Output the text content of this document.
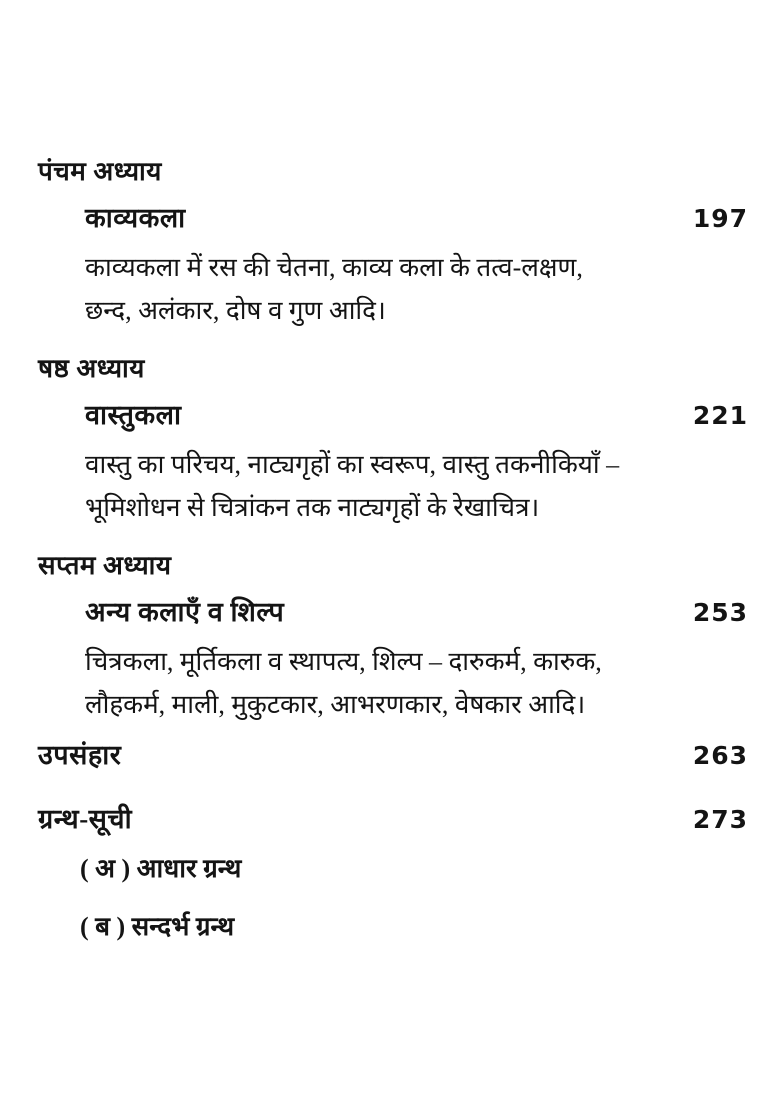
पंचम अध्याय
काव्यकला	197
काव्यकला में रस की चेतना, काव्य कला के तत्व-लक्षण,
छन्द, अलंकार, दोष व गुण आदि।
षष्ठ अध्याय
वास्तुकला	221
वास्तु का परिचय, नाट्यगृहों का स्वरूप, वास्तु तकनीकियाँ –
भूमिशोधन से चित्रांकन तक नाट्यगृहों के रेखाचित्र।
सप्तम अध्याय
अन्य कलाएँ व शिल्प	253
चित्रकला, मूर्तिकला व स्थापत्य, शिल्प – दारुकर्म, कारुक,
लौहकर्म, माली, मुकुटकार, आभरणकार, वेषकार आदि।
उपसंहार	263
ग्रन्थ-सूची	273
( अ ) आधार ग्रन्थ
( ब ) सन्दर्भ ग्रन्थ
